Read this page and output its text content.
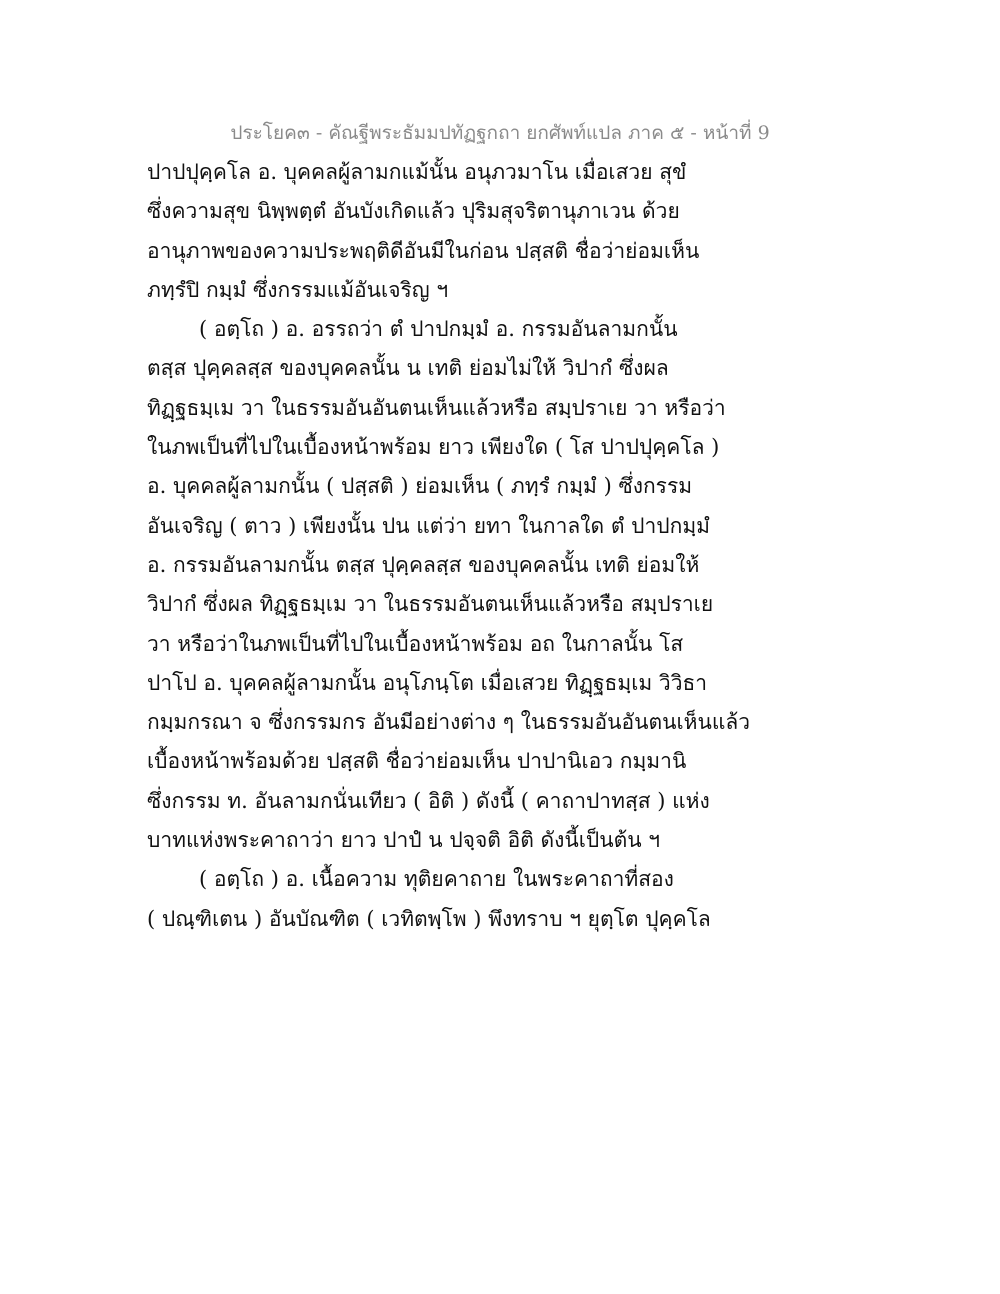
ประโยค๓ - คัณฐีพระธัมมปทัฏฐกถา ยกศัพท์แปล ภาค ๕ - หน้าที่ 9
ปาปปุคฺคโล อ. บุคคลผู้ลามกแม้นั้น อนุภวมาโน เมื่อเสวย สุขํ
ซึ่งความสุข นิพฺพตฺตํ อันบังเกิดแล้ว ปุริมสุจริตานุภาเวน ด้วย
อานุภาพของความประพฤติดีอันมีในก่อน ปสฺสติ ชื่อว่าย่อมเห็น
ภทฺรํปิ กมฺมํ ซึ่งกรรมแม้อันเจริญ ฯ
( อตฺโถ ) อ. อรรถว่า ตํ ปาปกมฺมํ อ. กรรมอันลามกนั้น
ตสฺส ปุคฺคลสฺส ของบุคคลนั้น น เทติ ย่อมไม่ให้ วิปากํ ซึ่งผล
ทิฏฺฐธมฺเม วา ในธรรมอันอันตนเห็นแล้วหรือ สมฺปราเย วา หรือว่า
ในภพเป็นที่ไปในเบื้องหน้าพร้อม ยาว เพียงใด ( โส ปาปปุคฺคโล )
อ. บุคคลผู้ลามกนั้น ( ปสฺสติ ) ย่อมเห็น ( ภทฺรํ กมฺมํ ) ซึ่งกรรม
อันเจริญ ( ตาว ) เพียงนั้น ปน แต่ว่า ยทา ในกาลใด ตํ ปาปกมฺมํ
อ. กรรมอันลามกนั้น ตสฺส ปุคฺคลสฺส ของบุคคลนั้น เทติ ย่อมให้
วิปากํ ซึ่งผล ทิฏฺฐธมฺเม วา ในธรรมอันตนเห็นแล้วหรือ สมฺปราเย
วา หรือว่าในภพเป็นที่ไปในเบื้องหน้าพร้อม อถ ในกาลนั้น โส
ปาโป อ. บุคคลผู้ลามกนั้น อนุโภนฺโต เมื่อเสวย ทิฏฺฐธมฺเม วิวิธา
กมฺมกรณา จ ซึ่งกรรมกร อันมีอย่างต่าง ๆ ในธรรมอันอันตนเห็นแล้ว
เบื้องหน้าพร้อมด้วย ปสฺสติ ชื่อว่าย่อมเห็น ปาปานิเอว กมฺมานิ
ซึ่งกรรม ท. อันลามกนั่นเทียว ( อิติ ) ดังนี้ ( คาถาปาทสฺส ) แห่ง
บาทแห่งพระคาถาว่า ยาว ปาปํ น ปจฺจติ อิติ ดังนี้เป็นต้น ฯ
( อตฺโถ ) อ. เนื้อความ ทุติยคาถาย ในพระคาถาที่สอง
( ปณฺฑิเตน ) อันบัณฑิต ( เวทิตพฺโพ ) พึงทราบ ฯ ยุตฺโต ปุคฺคโล
